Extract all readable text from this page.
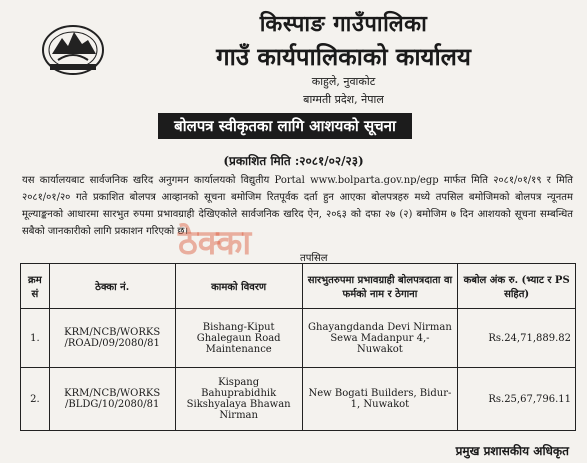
किस्पाङ गाउँपालिका
गाउँ कार्यपालिकाको कार्यालय
काहुले, नुवाकोट
बाग्मती प्रदेश, नेपाल
बोलपत्र स्वीकृतका लागि आशयको सूचना
(प्रकाशित मिति :२०८१/०२/२३)
यस कार्यालयबाट सार्वजनिक खरिद अनुगमन कार्यालयको विद्युतीय Portal www.bolparta.gov.np/egp मार्फत मिति २०८१/०१/१९ र मिति २०८१/०१/२० गते प्रकाशित बोलपत्र आव्हानको सूचना बमोजिम रितपूर्वक दर्ता हुन आएका बोलपत्रहरु मध्ये तपसिल बमोजिमको बोलपत्र न्यूनतम मूल्याङ्कनको आधारमा सारभुत रुपमा प्रभावग्राही देखिएकोले सार्वजनिक खरिद ऐन, २०६३ को दफा २७ (२) बमोजिम ७ दिन आशयको सूचना सम्बन्धित सबैको जानकारीको लागि प्रकाशन गरिएको छ।
ठेक्का	तपसिल
क्रम सं	ठेक्का नं.	कामको विवरण	सारभुतरुपमा प्रभावग्राही बोलपत्रदाता वा फर्मको नाम र ठेगाना	कबोल अंक रु. (भ्याट र PS सहित)
1.	KRM/NCB/WORKS /ROAD/09/2080/81	Bishang-Kiput Ghalegaun Road Maintenance	Ghayangdanda Devi Nirman Sewa Madanpur 4,- Nuwakot	Rs.24,71,889.82
2.	KRM/NCB/WORKS /BLDG/10/2080/81	Kispang Bahuprabidhik Sikshyalaya Bhawan Nirman	New Bogati Builders, Bidur-1, Nuwakot	Rs.25,67,796.11
प्रमुख प्रशासकीय अधिकृत
